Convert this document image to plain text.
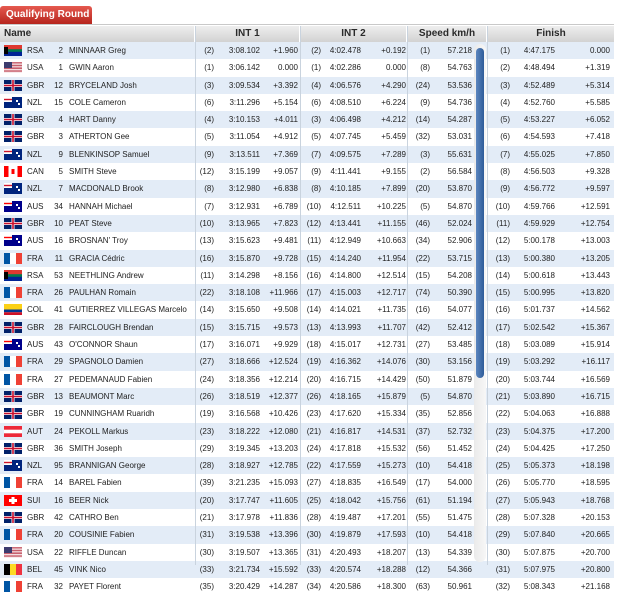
Qualifying Round
Name	INT 1	INT 2	Speed km/h	Finish
RSA	2 MINNAAR Greg	(2)	3:08.102	+1.960	(2)	4:02.478	+0.192	(1)	57.218	(1)	4:47.175	0.000
USA	1 GWIN Aaron	(1)	3:06.142	0.000	(1)	4:02.286	0.000	(8)	54.763	(2)	4:48.494	+1.319
GBR	12 BRYCELAND Josh	(3)	3:09.534	+3.392	(4)	4:06.576	+4.290	(24)	53.536	(3)	4:52.489	+5.314
NZL	15 COLE Cameron	(6)	3:11.296	+5.154	(6)	4:08.510	+6.224	(9)	54.736	(4)	4:52.760	+5.585
GBR	4 HART Danny	(4)	3:10.153	+4.011	(3)	4:06.498	+4.212	(14)	54.287	(5)	4:53.227	+6.052
GBR	3 ATHERTON Gee	(5)	3:11.054	+4.912	(5)	4:07.745	+5.459	(32)	53.031	(6)	4:54.593	+7.418
NZL	9 BLENKINSOP Samuel	(9)	3:13.511	+7.369	(7)	4:09.575	+7.289	(3)	55.631	(7)	4:55.025	+7.850
CAN	5 SMITH Steve	(12)	3:15.199	+9.057	(9)	4:11.441	+9.155	(2)	56.584	(8)	4:56.503	+9.328
NZL	7 MACDONALD Brook	(8)	3:12.980	+6.838	(8)	4:10.185	+7.899	(20)	53.870	(9)	4:56.772	+9.597
AUS	34 HANNAH Michael	(7)	3:12.931	+6.789	(10)	4:12.511	+10.225	(5)	54.870	(10)	4:59.766	+12.591
GBR	10 PEAT Steve	(10)	3:13.965	+7.823	(12)	4:13.441	+11.155	(46)	52.024	(11)	4:59.929	+12.754
AUS	16 BROSNAN' Troy	(13)	3:15.623	+9.481	(11)	4:12.949	+10.663	(34)	52.906	(12)	5:00.178	+13.003
FRA	11 GRACIA Cédric	(16)	3:15.870	+9.728	(15)	4:14.240	+11.954	(22)	53.715	(13)	5:00.380	+13.205
RSA	53 NEETHLING Andrew	(11)	3:14.298	+8.156	(16)	4:14.800	+12.514	(15)	54.208	(14)	5:00.618	+13.443
FRA	26 PAULHAN Romain	(22)	3:18.108	+11.966	(17)	4:15.003	+12.717	(74)	50.390	(15)	5:00.995	+13.820
COL	41 GUTIERREZ VILLEGAS Marcelo	(14)	3:15.650	+9.508	(14)	4:14.021	+11.735	(16)	54.077	(16)	5:01.737	+14.562
GBR	28 FAIRCLOUGH Brendan	(15)	3:15.715	+9.573	(13)	4:13.993	+11.707	(42)	52.412	(17)	5:02.542	+15.367
AUS	43 O'CONNOR Shaun	(17)	3:16.071	+9.929	(18)	4:15.017	+12.731	(27)	53.485	(18)	5:03.089	+15.914
FRA	29 SPAGNOLO Damien	(27)	3:18.666	+12.524	(19)	4:16.362	+14.076	(30)	53.156	(19)	5:03.292	+16.117
FRA	27 PEDEMANAUD Fabien	(24)	3:18.356	+12.214	(20)	4:16.715	+14.429	(50)	51.879	(20)	5:03.744	+16.569
GBR	13 BEAUMONT Marc	(26)	3:18.519	+12.377	(26)	4:18.165	+15.879	(5)	54.870	(21)	5:03.890	+16.715
GBR	19 CUNNINGHAM Ruaridh	(19)	3:16.568	+10.426	(23)	4:17.620	+15.334	(35)	52.856	(22)	5:04.063	+16.888
AUT	24 PEKOLL Markus	(23)	3:18.222	+12.080	(21)	4:16.817	+14.531	(37)	52.732	(23)	5:04.375	+17.200
GBR	36 SMITH Joseph	(29)	3:19.345	+13.203	(24)	4:17.818	+15.532	(56)	51.452	(24)	5:04.425	+17.250
NZL	95 BRANNIGAN George	(28)	3:18.927	+12.785	(22)	4:17.559	+15.273	(10)	54.418	(25)	5:05.373	+18.198
FRA	14 BAREL Fabien	(39)	3:21.235	+15.093	(27)	4:18.835	+16.549	(17)	54.000	(26)	5:05.770	+18.595
SUI	16 BEER Nick	(20)	3:17.747	+11.605	(25)	4:18.042	+15.756	(61)	51.194	(27)	5:05.943	+18.768
GBR	42 CATHRO Ben	(21)	3:17.978	+11.836	(28)	4:19.487	+17.201	(55)	51.475	(28)	5:07.328	+20.153
FRA	20 COUSINIE Fabien	(31)	3:19.538	+13.396	(30)	4:19.879	+17.593	(10)	54.418	(29)	5:07.840	+20.665
USA	22 RIFFLE Duncan	(30)	3:19.507	+13.365	(31)	4:20.493	+18.207	(13)	54.339	(30)	5:07.875	+20.700
BEL	45 VINK Nico	(33)	3:21.734	+15.592	(33)	4:20.574	+18.288	(12)	54.366	(31)	5:07.975	+20.800
FRA	32 PAYET Florent	(35)	3:20.429	+14.287	(34)	4:20.586	+18.300	(63)	50.961	(32)	5:08.343	+21.168
